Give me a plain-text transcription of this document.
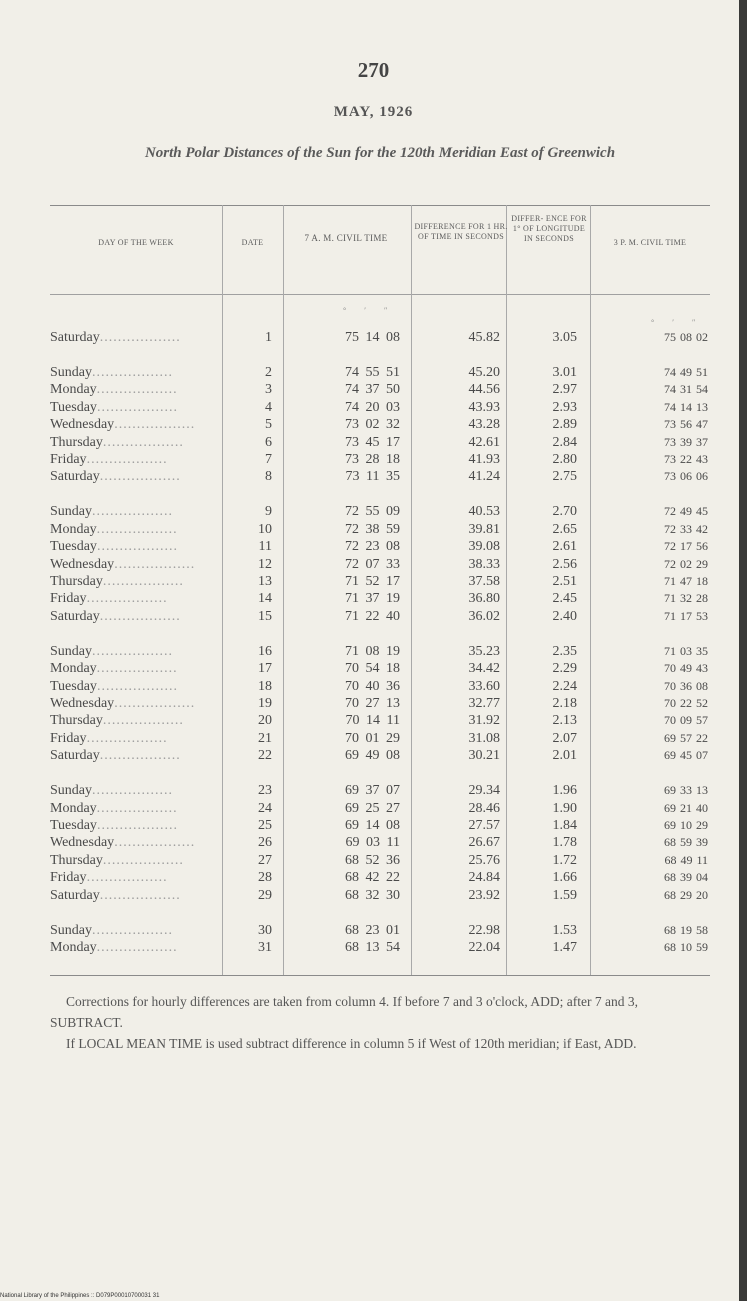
270
MAY, 1926
North Polar Distances of the Sun for the 120th Meridian East of Greenwich
DAY OF THE WEEK	DATE	7 A. M. CIVIL TIME
DIFFERENCE FOR 1 HR. OF TIME IN SECONDS
DIFFER- ENCE FOR 1° OF LONGITUDE IN SECONDS	3 P. M. CIVIL TIME
° ′ ″
° ′ ″
Saturday..................	1	75 14 08	45.82	3.05	75 08 02
Sunday..................	2	74 55 51	45.20	3.01	74 49 51
Monday..................	3	74 37 50	44.56	2.97	74 31 54
Tuesday..................	4	74 20 03	43.93	2.93	74 14 13
Wednesday..................	5	73 02 32	43.28	2.89	73 56 47
Thursday..................	6	73 45 17	42.61	2.84	73 39 37
Friday..................	7	73 28 18	41.93	2.80	73 22 43
Saturday..................	8	73 11 35	41.24	2.75	73 06 06
Sunday..................	9	72 55 09	40.53	2.70	72 49 45
Monday..................	10	72 38 59	39.81	2.65	72 33 42
Tuesday..................	11	72 23 08	39.08	2.61	72 17 56
Wednesday..................	12	72 07 33	38.33	2.56	72 02 29
Thursday..................	13	71 52 17	37.58	2.51	71 47 18
Friday..................	14	71 37 19	36.80	2.45	71 32 28
Saturday..................	15	71 22 40	36.02	2.40	71 17 53
Sunday..................	16	71 08 19	35.23	2.35	71 03 35
Monday..................	17	70 54 18	34.42	2.29	70 49 43
Tuesday..................	18	70 40 36	33.60	2.24	70 36 08
Wednesday..................	19	70 27 13	32.77	2.18	70 22 52
Thursday..................	20	70 14 11	31.92	2.13	70 09 57
Friday..................	21	70 01 29	31.08	2.07	69 57 22
Saturday..................	22	69 49 08	30.21	2.01	69 45 07
Sunday..................	23	69 37 07	29.34	1.96	69 33 13
Monday..................	24	69 25 27	28.46	1.90	69 21 40
Tuesday..................	25	69 14 08	27.57	1.84	69 10 29
Wednesday..................	26	69 03 11	26.67	1.78	68 59 39
Thursday..................	27	68 52 36	25.76	1.72	68 49 11
Friday..................	28	68 42 22	24.84	1.66	68 39 04
Saturday..................	29	68 32 30	23.92	1.59	68 29 20
Sunday..................	30	68 23 01	22.98	1.53	68 19 58
Monday..................	31	68 13 54	22.04	1.47	68 10 59
Corrections for hourly differences are taken from column 4. If before 7 and 3 o'clock, ADD; after 7 and 3, SUBTRACT.
If LOCAL MEAN TIME is used subtract difference in column 5 if West of 120th meridian; if East, ADD.
National Library of the Philippines :: D079P00010700031 31
